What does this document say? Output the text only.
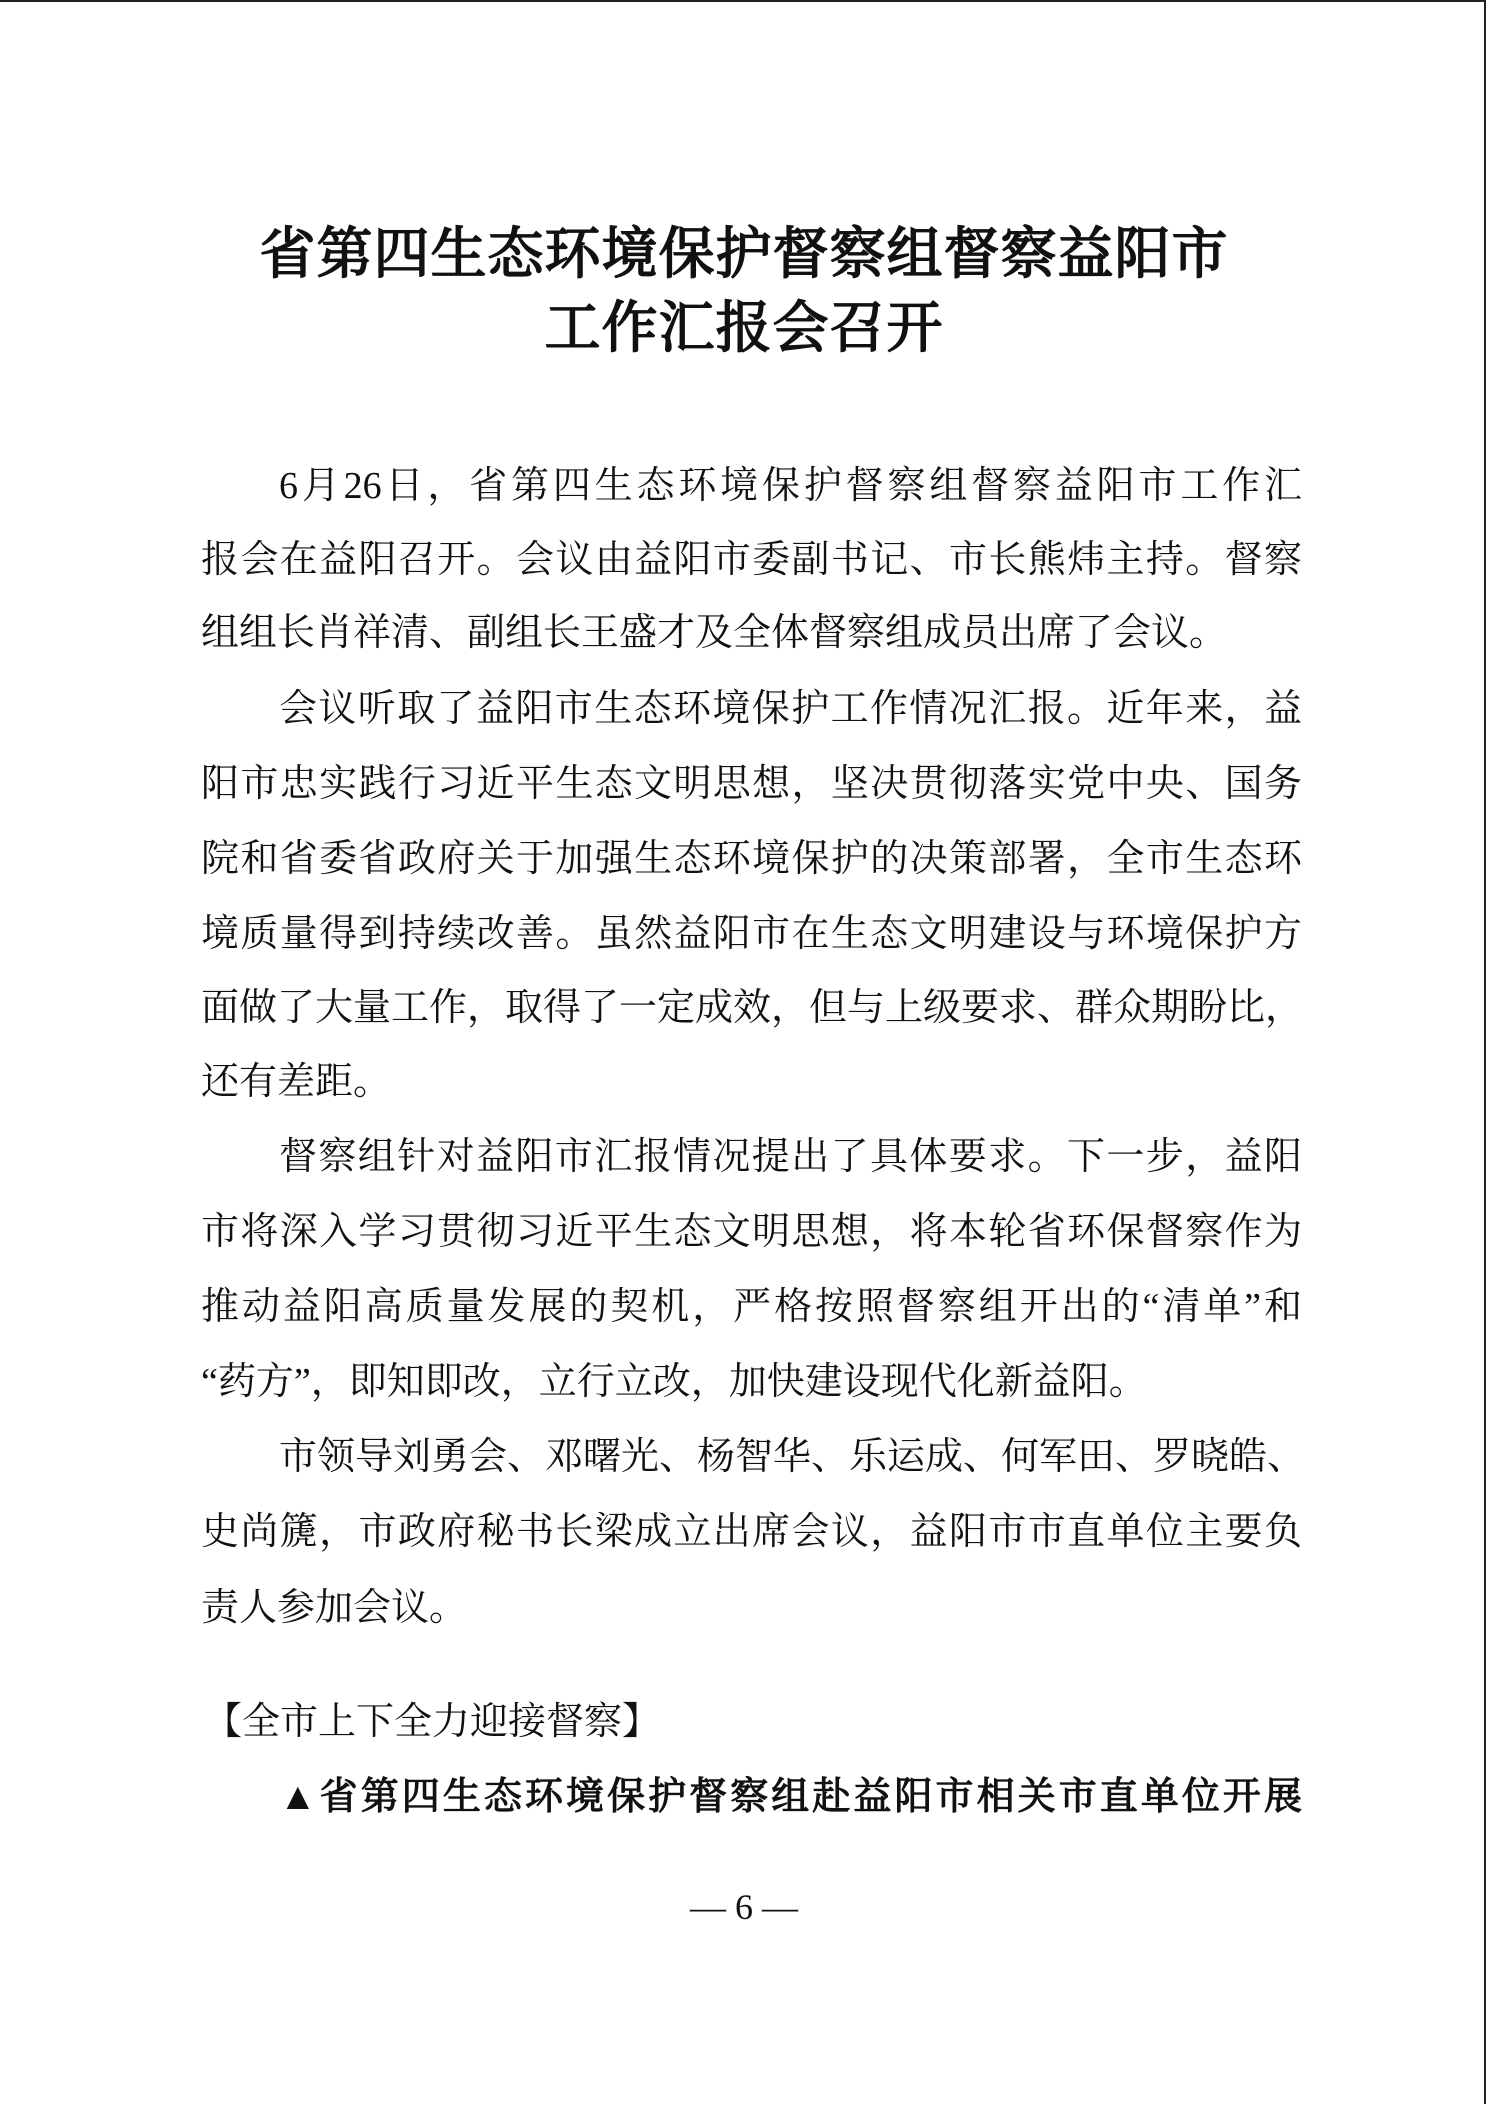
省第四生态环境保护督察组督察益阳市
工作汇报会召开
6月26日，省第四生态环境保护督察组督察益阳市工作汇
报会在益阳召开。会议由益阳市委副书记、市长熊炜主持。督察
组组长肖祥清、副组长王盛才及全体督察组成员出席了会议。
会议听取了益阳市生态环境保护工作情况汇报。近年来，益
阳市忠实践行习近平生态文明思想，坚决贯彻落实党中央、国务
院和省委省政府关于加强生态环境保护的决策部署，全市生态环
境质量得到持续改善。虽然益阳市在生态文明建设与环境保护方
面做了大量工作，取得了一定成效，但与上级要求、群众期盼比，
还有差距。
督察组针对益阳市汇报情况提出了具体要求。下一步，益阳
市将深入学习贯彻习近平生态文明思想，将本轮省环保督察作为
推动益阳高质量发展的契机，严格按照督察组开出的“清单”和
“药方”，即知即改，立行立改，加快建设现代化新益阳。
市领导刘勇会、邓曙光、杨智华、乐运成、何军田、罗晓皓、
史尚篪，市政府秘书长梁成立出席会议，益阳市市直单位主要负
责人参加会议。
【全市上下全力迎接督察】
▲省第四生态环境保护督察组赴益阳市相关市直单位开展
— 6 —
